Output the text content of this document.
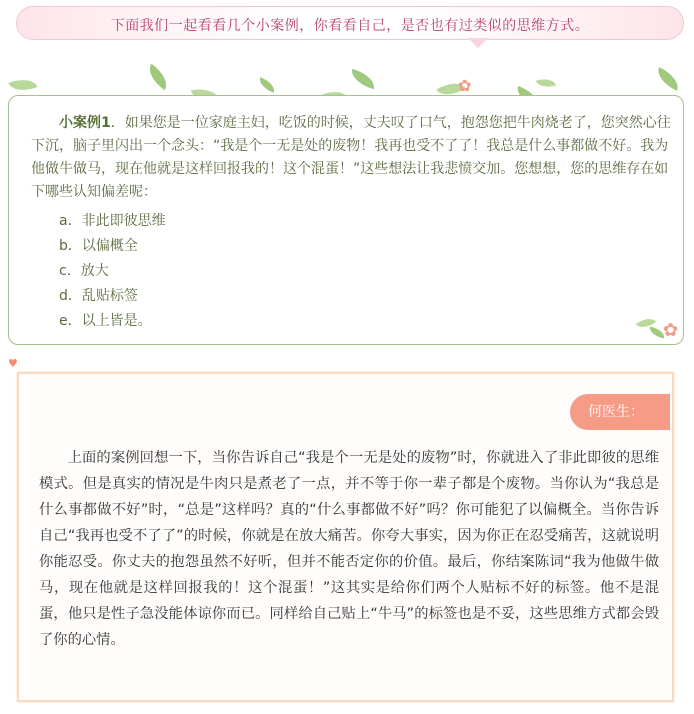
下面我们一起看看几个小案例，你看看自己，是否也有过类似的思维方式。
✿
小案例1．如果您是一位家庭主妇，吃饭的时候，丈夫叹了口气，抱怨您把牛肉烧老了，您突然心往下沉，脑子里闪出一个念头：“我是个一无是处的废物！我再也受不了了！我总是什么事都做不好。我为他做牛做马，现在他就是这样回报我的！这个混蛋！”这些想法让我悲愤交加。您想想，您的思维存在如下哪些认知偏差呢：
a．非此即彼思维
b．以偏概全
c．放大
d．乱贴标签
e．以上皆是。	✿
♥
何医生：
上面的案例回想一下，当你告诉自己“我是个一无是处的废物”时，你就进入了非此即彼的思维模式。但是真实的情况是牛肉只是煮老了一点，并不等于你一辈子都是个废物。当你认为“我总是什么事都做不好”时，“总是”这样吗？真的“什么事都做不好”吗？你可能犯了以偏概全。当你告诉自己“我再也受不了了”的时候，你就是在放大痛苦。你夸大事实，因为你正在忍受痛苦，这就说明你能忍受。你丈夫的抱怨虽然不好听，但并不能否定你的价值。最后，你结案陈词“我为他做牛做马，现在他就是这样回报我的！这个混蛋！”这其实是给你们两个人贴标不好的标签。他不是混蛋，他只是性子急没能体谅你而已。同样给自己贴上“牛马”的标签也是不妥，这些思维方式都会毁了你的心情。
